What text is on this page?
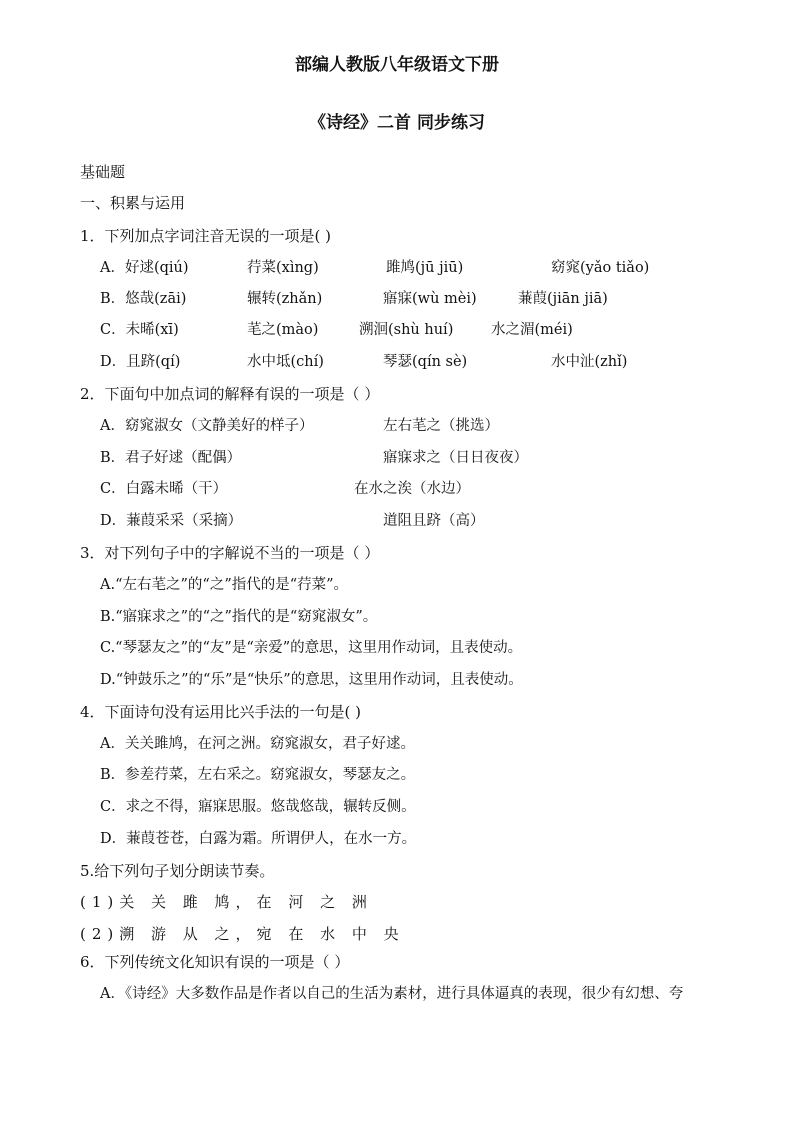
部编人教版八年级语文下册
《诗经》二首 同步练习
基础题
一、积累与运用
1．下列加点字词注音无误的一项是( )
A．好逑(qiú)	荇菜(xìng)	雎鸠(jū jiū)	窈窕(yǎo tiǎo)
B．悠哉(zāi)	辗转(zhǎn)	寤寐(wù mèi)	蒹葭(jiān jiā)
C．未晞(xī)	芼之(mào)	溯洄(shù huí)	水之湄(méi)
D．且跻(qí)	水中坻(chí)	琴瑟(qín sè)	水中沚(zhǐ)
2．下面句中加点词的解释有误的一项是（ ）
A．窈窕淑女（文静美好的样子）	左右芼之（挑选）
B．君子好逑（配偶）	寤寐求之（日日夜夜）
C．白露未晞（干）	在水之涘（水边）
D．蒹葭采采（采摘）	道阻且跻（高）
3．对下列句子中的字解说不当的一项是（ ）
A.“左右芼之”的“之”指代的是“荇菜”。
B.“寤寐求之”的“之”指代的是“窈窕淑女”。
C.“琴瑟友之”的“友”是“亲爱”的意思，这里用作动词，且表使动。
D.“钟鼓乐之”的“乐”是“快乐”的意思，这里用作动词，且表使动。
4．下面诗句没有运用比兴手法的一句是( )
A．关关雎鸠，在河之洲。窈窕淑女，君子好逑。
B．参差荇菜，左右采之。窈窕淑女，琴瑟友之。
C．求之不得，寤寐思服。悠哉悠哉，辗转反侧。
D．蒹葭苍苍，白露为霜。所谓伊人，在水一方。
5.给下列句子划分朗读节奏。
(1)关 关 雎 鸠，在 河 之 洲
(2)溯 游 从 之，宛 在 水 中 央
6．下列传统文化知识有误的一项是（ ）
A．《诗经》大多数作品是作者以自己的生活为素材，进行具体逼真的表现，很少有幻想、夸
